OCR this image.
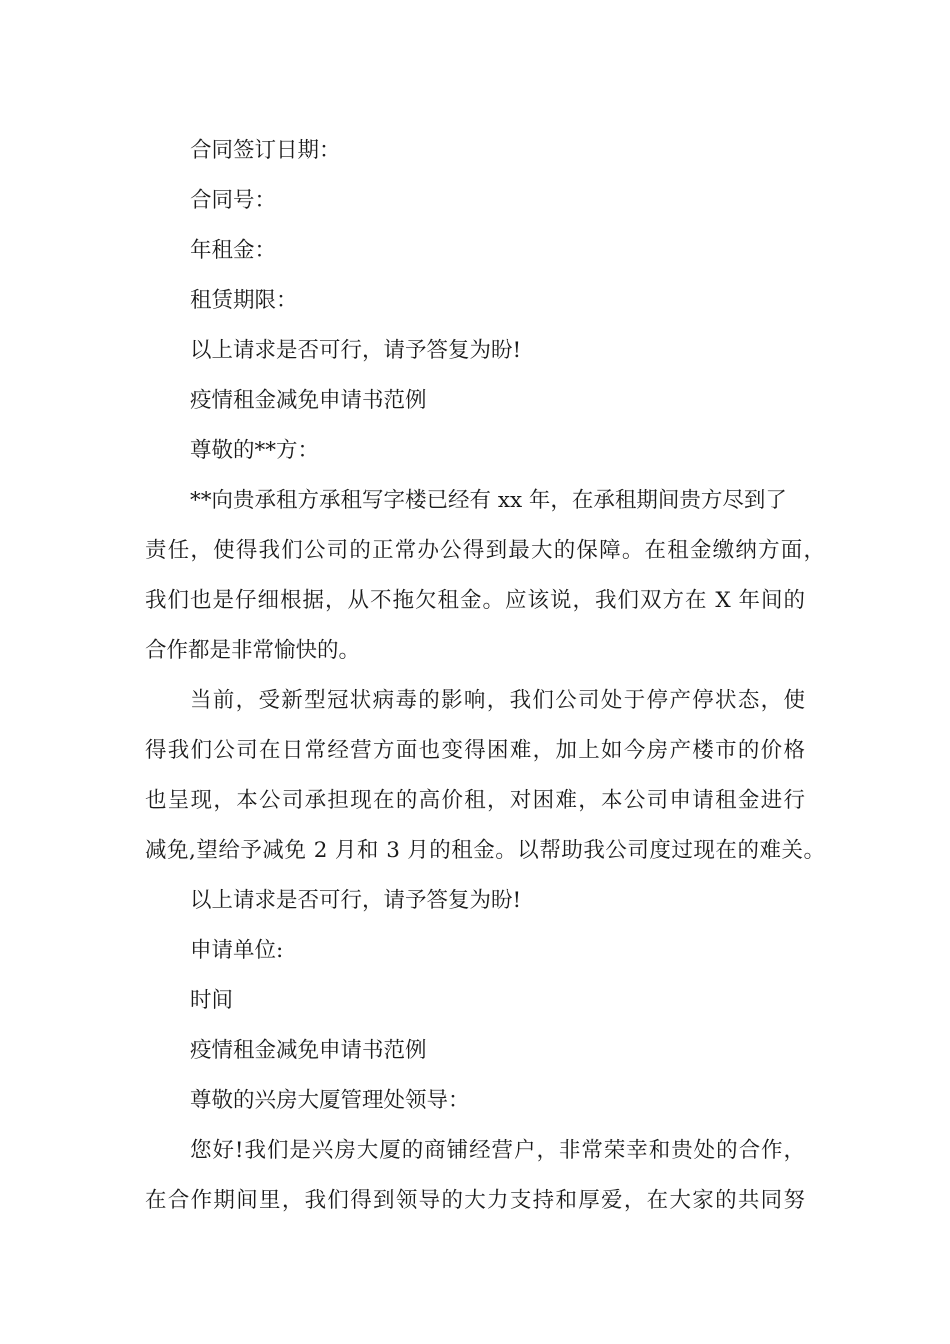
合同签订日期：
合同号：
年租金：
租赁期限：
以上请求是否可行，请予答复为盼!
疫情租金减免申请书范例
尊敬的**方：
**向贵承租方承租写字楼已经有 xx 年，在承租期间贵方尽到了
责任，使得我们公司的正常办公得到最大的保障。在租金缴纳方面，
我们也是仔细根据，从不拖欠租金。应该说，我们双方在 X 年间的
合作都是非常愉快的。
当前，受新型冠状病毒的影响，我们公司处于停产停状态，使
得我们公司在日常经营方面也变得困难，加上如今房产楼市的价格
也呈现，本公司承担现在的高价租，对困难，本公司申请租金进行
减免,望给予减免 2 月和 3 月的租金。以帮助我公司度过现在的难关。
以上请求是否可行，请予答复为盼!
申请单位:
时间
疫情租金减免申请书范例
尊敬的兴房大厦管理处领导：
您好!我们是兴房大厦的商铺经营户，非常荣幸和贵处的合作，
在合作期间里，我们得到领导的大力支持和厚爱，在大家的共同努
